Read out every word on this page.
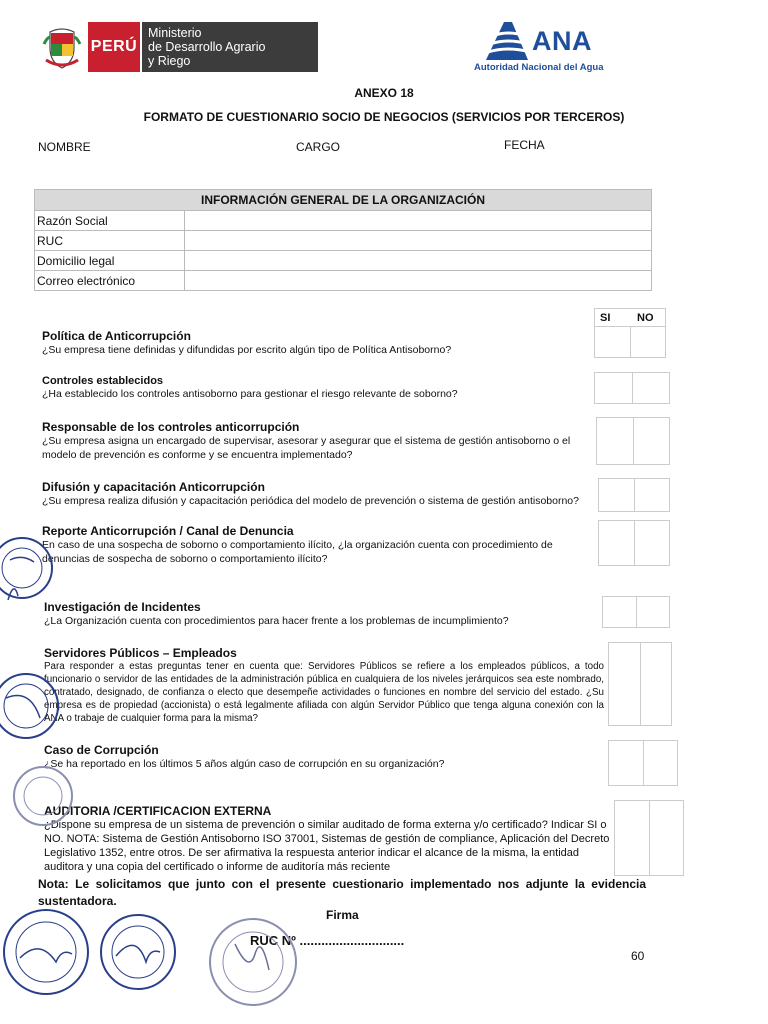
PERÚ
Ministerio
de Desarrollo Agrario
y Riego
ANA
Autoridad Nacional del Agua
ANEXO 18
FORMATO DE CUESTIONARIO SOCIO DE NEGOCIOS (SERVICIOS POR TERCEROS)
NOMBRE	CARGO	FECHA
INFORMACIÓN GENERAL DE LA ORGANIZACIÓN	
Razón Social	
RUC	
Domicilio legal	
Correo electrónico	
SI NO
Política de Anticorrupción
¿Su empresa tiene definidas y difundidas por escrito algún tipo de Política Antisoborno?
Controles establecidos
¿Ha establecido los controles antisoborno para gestionar el riesgo relevante de soborno?
Responsable de los controles anticorrupción
¿Su empresa asigna un encargado de supervisar, asesorar y asegurar que el sistema de gestión antisoborno o el modelo de prevención es conforme y se encuentra implementado?
Difusión y capacitación Anticorrupción
¿Su empresa realiza difusión y capacitación periódica del modelo de prevención o sistema de gestión antisoborno?
Reporte Anticorrupción / Canal de Denuncia
En caso de una sospecha de soborno o comportamiento ilícito, ¿la organización cuenta con procedimiento de denuncias de sospecha de soborno o comportamiento ilícito?
Investigación de Incidentes
¿La Organización cuenta con procedimientos para hacer frente a los problemas de incumplimiento?
Servidores Públicos – Empleados
Para responder a estas preguntas tener en cuenta que: Servidores Públicos se refiere a los empleados públicos, a todo funcionario o servidor de las entidades de la administración pública en cualquiera de los niveles jerárquicos sea este nombrado, contratado, designado, de confianza o electo que desempeñe actividades o funciones en nombre del servicio del estado. ¿Su empresa es de propiedad (accionista) o está legalmente afiliada con algún Servidor Público que tenga alguna conexión con la ANA o trabaje de cualquier forma para la misma?
Caso de Corrupción
¿Se ha reportado en los últimos 5 años algún caso de corrupción en su organización?
AUDITORIA /CERTIFICACION EXTERNA
¿Dispone su empresa de un sistema de prevención o similar auditado de forma externa y/o certificado? Indicar SI o NO. NOTA: Sistema de Gestión Antisoborno ISO 37001, Sistemas de gestión de compliance, Aplicación del Decreto Legislativo 1352, entre otros. De ser afirmativa la respuesta anterior indicar el alcance de la misma, la entidad auditora y una copia del certificado o informe de auditoría más reciente
Nota: Le solicitamos que junto con el presente cuestionario implementado nos adjunte la evidencia sustentadora.
Firma
RUC Nº .............................
60
